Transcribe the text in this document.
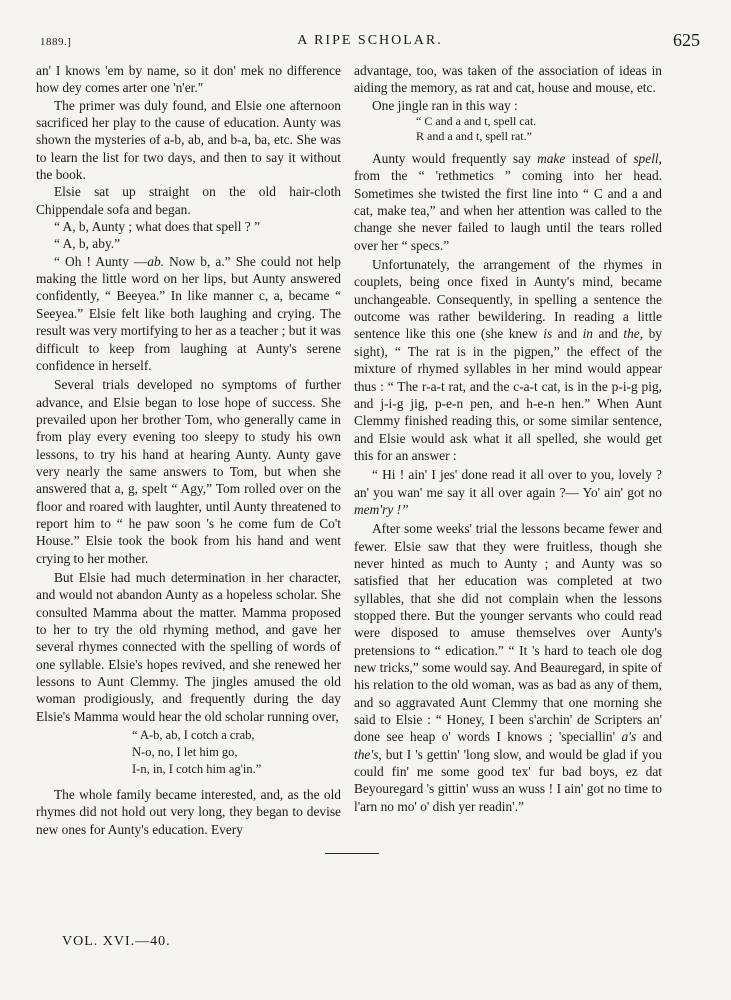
1889.]	A RIPE SCHOLAR.	625

an' I knows 'em by name, so it don' mek no difference how dey comes arter one 'n'er."

The primer was duly found, and Elsie one afternoon sacrificed her play to the cause of education. Aunty was shown the mysteries of a-b, ab, and b-a, ba, etc. She was to learn the list for two days, and then to say it without the book.

Elsie sat up straight on the old hair-cloth Chippendale sofa and began.

“ A, b, Aunty ; what does that spell ? ”

“ A, b, aby.”

“ Oh ! Aunty —ab. Now b, a.” She could not help making the little word on her lips, but Aunty answered confidently, “ Beeyea.” In like manner c, a, became “ Seeyea.” Elsie felt like both laughing and crying. The result was very mortifying to her as a teacher ; but it was difficult to keep from laughing at Aunty's serene confidence in herself.

Several trials developed no symptoms of further advance, and Elsie began to lose hope of success. She prevailed upon her brother Tom, who generally came in from play every evening too sleepy to study his own lessons, to try his hand at hearing Aunty. Aunty gave very nearly the same answers to Tom, but when she answered that a, g, spelt “ Agy,” Tom rolled over on the floor and roared with laughter, until Aunty threatened to report him to “ he paw soon 's he come fum de Co't House.” Elsie took the book from his hand and went crying to her mother.

But Elsie had much determination in her character, and would not abandon Aunty as a hopeless scholar. She consulted Mamma about the matter. Mamma proposed to her to try the old rhyming method, and gave her several rhymes connected with the spelling of words of one syllable. Elsie's hopes revived, and she renewed her lessons to Aunt Clemmy. The jingles amused the old woman prodigiously, and frequently during the day Elsie's Mamma would hear the old scholar running over,

“ A-b, ab, I cotch a crab,
N-o, no, I let him go,
I-n, in, I cotch him ag'in.”

The whole family became interested, and, as the old rhymes did not hold out very long, they began to devise new ones for Aunty's education. Every

advantage, too, was taken of the association of ideas in aiding the memory, as rat and cat, house and mouse, etc.

One jingle ran in this way :

“ C and a and t, spell cat.
R and a and t, spell rat.”

Aunty would frequently say make instead of spell, from the “ 'rethmetics ” coming into her head. Sometimes she twisted the first line into “ C and a and cat, make tea,” and when her attention was called to the change she never failed to laugh until the tears rolled over her “ specs.”

Unfortunately, the arrangement of the rhymes in couplets, being once fixed in Aunty's mind, became unchangeable. Consequently, in spelling a sentence the outcome was rather bewildering. In reading a little sentence like this one (she knew is and in and the, by sight), “ The rat is in the pigpen,” the effect of the mixture of rhymed syllables in her mind would appear thus : “ The r-a-t rat, and the c-a-t cat, is in the p-i-g pig, and j-i-g jig, p-e-n pen, and h-e-n hen.” When Aunt Clemmy finished reading this, or some similar sentence, and Elsie would ask what it all spelled, she would get this for an answer :

“ Hi ! ain' I jes' done read it all over to you, lovely ? an' you wan' me say it all over again ?— Yo' ain' got no mem'ry !”

After some weeks' trial the lessons became fewer and fewer. Elsie saw that they were fruitless, though she never hinted as much to Aunty ; and Aunty was so satisfied that her education was completed at two syllables, that she did not complain when the lessons stopped there. But the younger servants who could read were disposed to amuse themselves over Aunty's pretensions to “ edication.” “ It 's hard to teach ole dog new tricks,” some would say. And Beauregard, in spite of his relation to the old woman, was as bad as any of them, and so aggravated Aunt Clemmy that one morning she said to Elsie : “ Honey, I been s'archin' de Scripters an' done see heap o' words I knows ; 'speciallin' a's and the's, but I 's gettin' 'long slow, and would be glad if you could fin' me some good tex' fur bad boys, ez dat Beyouregard 's gittin' wuss an wuss ! I ain' got no time to l'arn no mo' o' dish yer readin'.”

VOL. XVI.—40.
